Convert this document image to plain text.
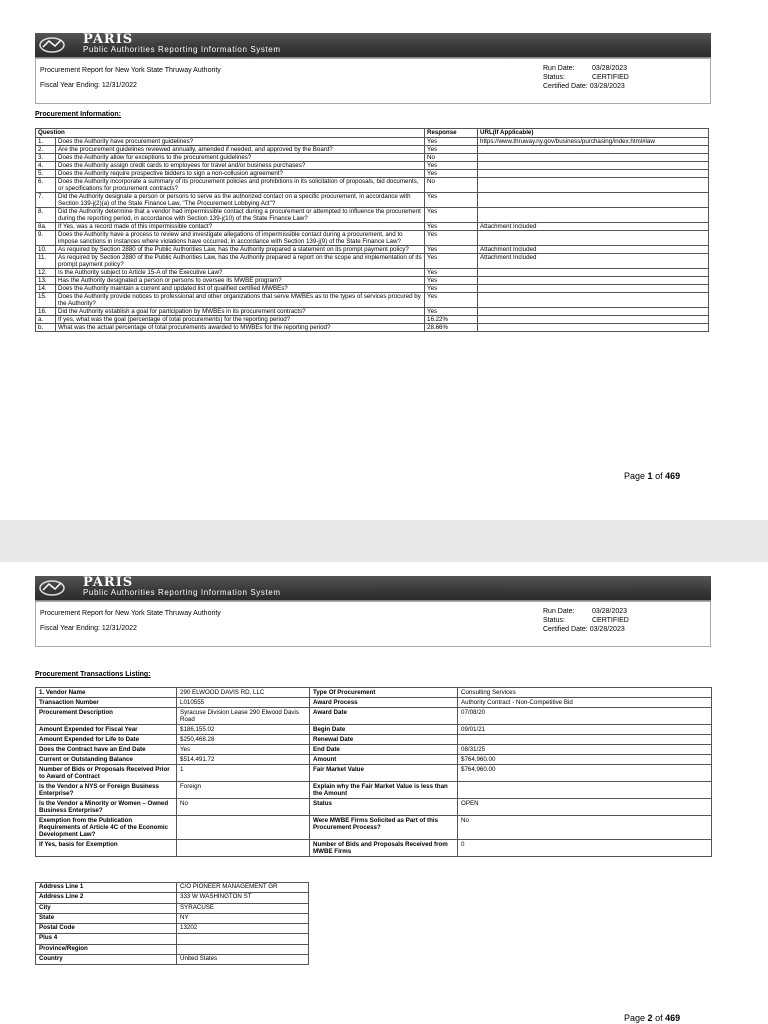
PARIS
Public Authorities Reporting Information System
Procurement Report for New York State Thruway Authority
Fiscal Year Ending: 12/31/2022
Run Date: 03/28/2023
Status:	CERTIFIED
Certified Date: 03/28/2023
Procurement Information:
Question		Response	URL(If Applicable)
1.	Does the Authority have procurement guidelines?	Yes	https://www.thruway.ny.gov/business/purchasing/index.html#law
2.	Are the procurement guidelines reviewed annually, amended if needed, and approved by the Board?	Yes	
3.	Does the Authority allow for exceptions to the procurement guidelines?	No	
4.	Does the Authority assign credit cards to employees for travel and/or business purchases?	Yes	
5.	Does the Authority require prospective bidders to sign a non-collusion agreement?	Yes	
6.	Does the Authority incorporate a summary of its procurement policies and prohibitions in its solicitation of proposals, bid documents, or specifications for procurement contracts?	No	
7.	Did the Authority designate a person or persons to serve as the authorized contact on a specific procurement, in accordance with Section 139-j(2)(a) of the State Finance Law, "The Procurement Lobbying Act"?	Yes	
8.	Did the Authority determine that a vendor had impermissible contact during a procurement or attempted to influence the procurement during the reporting period, in accordance with Section 139-j(10) of the State Finance Law?	Yes	
8a.	If Yes, was a record made of this impermissible contact?	Yes	Attachment Included
9.	Does the Authority have a process to review and investigate allegations of impermissible contact during a procurement, and to impose sanctions in instances where violations have occurred, in accordance with Section 139-j(9) of the State Finance Law?	Yes	
10.	As required by Section 2880 of the Public Authorities Law, has the Authority prepared a statement on its prompt payment policy?	Yes	Attachment Included
11.	As required by Section 2880 of the Public Authorities Law, has the Authority prepared a report on the scope and implementation of its prompt payment policy?	Yes	Attachment Included
12.	Is the Authority subject to Article 15-A of the Executive Law?	Yes	
13.	Has the Authority designated a person or persons to oversee its MWBE program?	Yes	
14.	Does the Authority maintain a current and updated list of qualified certified MWBEs?	Yes	
15.	Does the Authority provide notices to professional and other organizations that serve MWBEs as to the types of services procured by the Authority?	Yes	
16.	Did the Authority establish a goal for participation by MWBEs in its procurement contracts?	Yes	
a.	If yes, what was the goal (percentage of total procurements) for the reporting period?	16.22%	
b.	What was the actual percentage of total procurements awarded to MWBEs for the reporting period?	28.66%	
Page 1 of 469
PARIS
Public Authorities Reporting Information System
Procurement Report for New York State Thruway Authority
Fiscal Year Ending: 12/31/2022
Run Date: 03/28/2023
Status:	CERTIFIED
Certified Date: 03/28/2023
Procurement Transactions Listing:
1. Vendor Name	290 ELWOOD DAVIS RD, LLC	Type Of Procurement	Consulting Services
Transaction Number	L010555	Award Process	Authority Contract - Non-Competitive Bid
Procurement Description	Syracuse Division Lease 290 Elwood Davis Road	Award Date	07/08/20
Amount Expended for Fiscal Year	$186,155.02	Begin Date	09/01/21
Amount Expended for Life to Date	$250,468.28	Renewal Date	
Does the Contract have an End Date	Yes	End Date	08/31/25
Current or Outstanding Balance	$514,491.72	Amount	$764,960.00
Number of Bids or Proposals Received Prior to Award of Contract	1	Fair Market Value	$764,960.00
Is the Vendor a NYS or Foreign Business Enterprise?	Foreign	Explain why the Fair Market Value is less than the Amount	
Is the Vendor a Minority or Women – Owned Business Enterprise?	No	Status	OPEN
Exemption from the Publication Requirements of Article 4C of the Economic Development Law?		Were MWBE Firms Solicited as Part of this Procurement Process?	No
If Yes, basis for Exemption		Number of Bids and Proposals Received from MWBE Firms	0
Address Line 1	C/O PIONEER MANAGEMENT GR
Address Line 2	333 W WASHINGTON ST
City	SYRACUSE
State	NY
Postal Code	13202
Plus 4	
Province/Region	
Country	United States
Page 2 of 469
